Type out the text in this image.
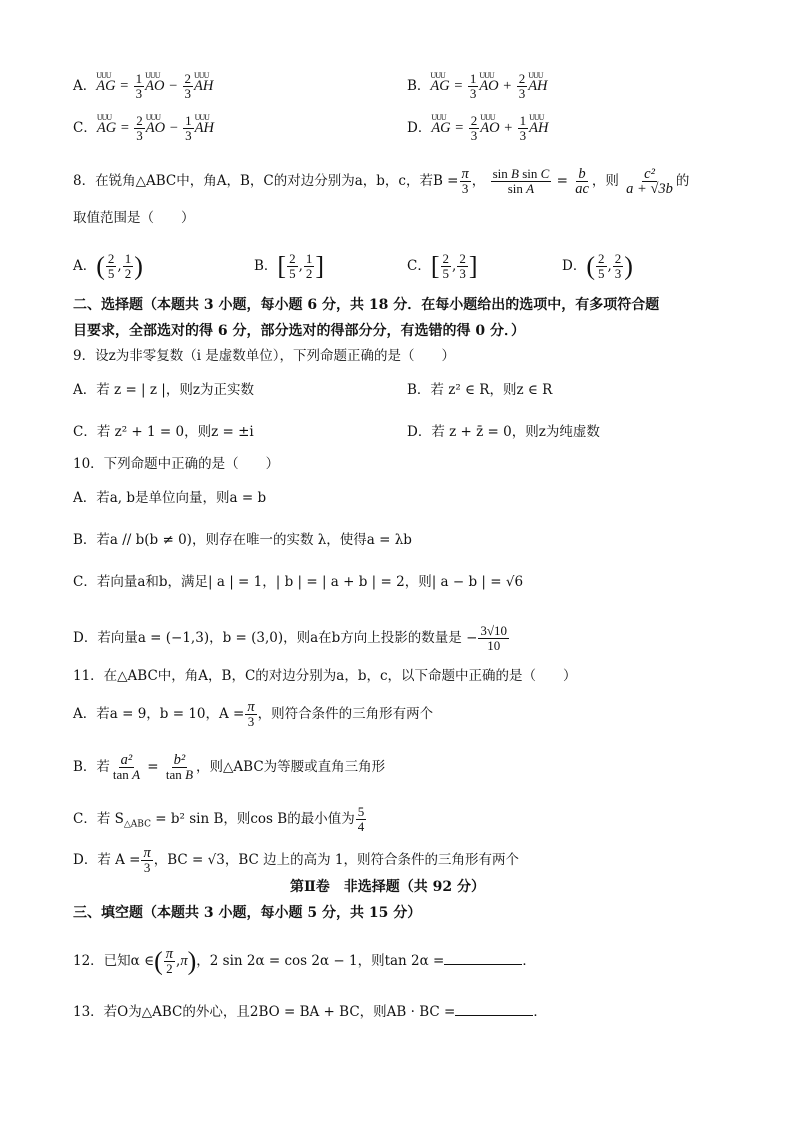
A．UUU AG = $\frac{1}{3}$ UUU AO − $\frac{2}{3}$ UUU AH	B．UUU AG = $\frac{1}{3}$ UUU AO + $\frac{2}{3}$ UUU AH
C．UUU AG = $\frac{2}{3}$ UUU AO − $\frac{1}{3}$ UUU AH	D．UUU AG = $\frac{2}{3}$ UUU AO + $\frac{1}{3}$ UUU AH
8．在锐角△ABC中，角A，B，C的对边分别为a，b，c，若$B = \frac{\pi}{3}$ ， $\frac{\text{sin B sin C}}{\text{sin A}} = \frac{b}{ac}$ ，则 $\frac{\text{c²}}{a + √3b}$ 的
取值范围是（　　）
A．( $\frac{2}{5}$ , $\frac{1}{2}$ )	B．[ $\frac{2}{5}$ , $\frac{1}{2}$ ]	C．[ $\frac{2}{5}$ , $\frac{2}{3}$ ]	D．( $\frac{2}{5}$ , $\frac{2}{3}$ )
二、选择题（本题共 3 小题，每小题 6 分，共 18 分．在每小题给出的选项中，有多项符合题
目要求，全部选对的得 6 分，部分选对的得部分分，有选错的得 0 分．）
9．设z为非零复数（i 是虚数单位），下列命题正确的是（　　）
A．若 z = | z |，则z为正实数	B．若 z² ∈ R，则z ∈ R
C．若 z² + 1 = 0，则z = ±i	D．若 z + z̄ = 0，则z为纯虚数
10．下列命题中正确的是（　　）
A．若a, b是单位向量，则a = b
B．若a // b(b ≠ 0)，则存在唯一的实数 λ，使得a = λb
C．若向量a和b，满足| a | = 1，| b | = | a + b | = 2，则| a − b | = √6
D．若向量a = (−1,3)，b = (3,0)，则a在b方向上投影的数量是 − $\frac{3√10}{10}$
11．在△ABC中，角A，B，C的对边分别为a，b，c，以下命题中正确的是（　　）
A．若a = 9，b = 10，$A = \frac{\pi}{3}$ ，则符合条件的三角形有两个
B．若 $\frac{\text{a²}}{\text{tan A}} = \frac{\text{b²}}{\text{tan B}}$ ，则△ABC为等腰或直角三角形
C．若 $S_{\triangle ABC} = b^2$ sin B，则cos B的最小值为 $\frac{5}{4}$
D．若 $A = \frac{\pi}{3}$ ，BC = √3，BC 边上的高为 1，则符合条件的三角形有两个
第Ⅱ卷　非选择题（共 92 分）
三、填空题（本题共 3 小题，每小题 5 分，共 15 分）
12．已知α ∈( $\frac{\pi}{2} ,\pi$)，2 sin 2α = cos 2α − 1，则tan 2α =	．
13．若O为△ABC的外心，且2BO = BA + BC，则AB · BC =	．
